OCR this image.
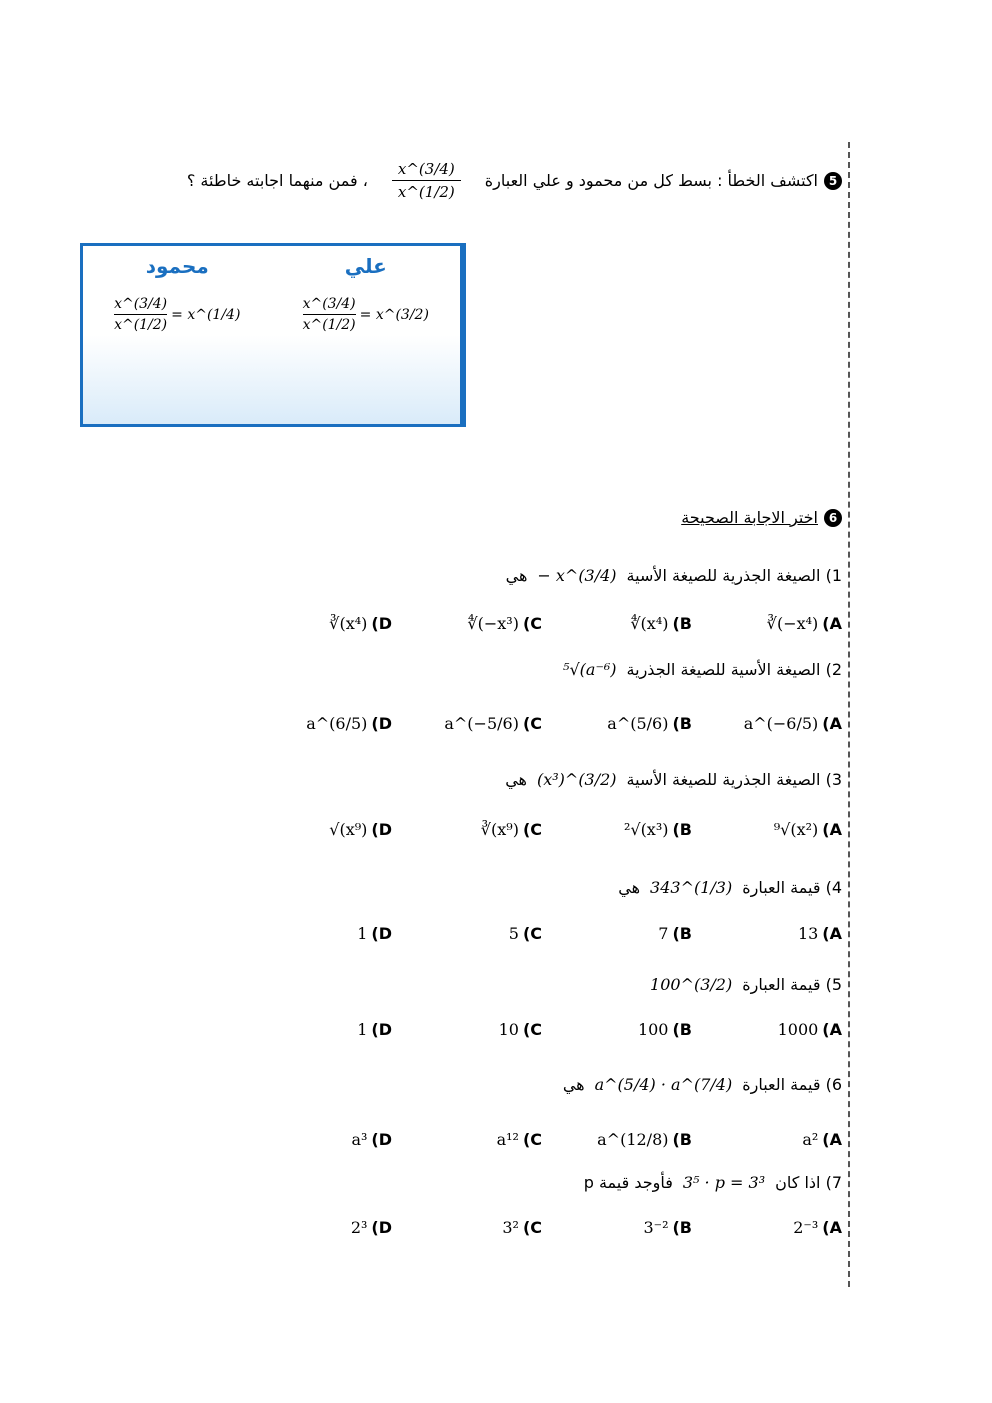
5
اكتشف الخطأ : بسط كل من محمود و علي العبارة
$\frac{x\^{}(3/4)}{x\^{}(1/2)}$
، فمن منهما اجابته خاطئة ؟
محمود
$\frac{x\^{}(3/4)}{x\^{}(1/2)}$ = x^(1/4)
علي
$\frac{x\^{}(3/4)}{x\^{}(1/2)}$ = x^(3/2)
6
اختر الاجابة الصحيحة
1) الصيغة الجذرية للصيغة الأسية
− x^(3/4)
هي
A)
∛(−x⁴)
B)
∜(x⁴)
C)
∜(−x³)
D)
∛(x⁴)
2) الصيغة الأسية للصيغة الجذرية
⁵√(a⁻⁶)
A)
a^(−6/5)
B)
a^(5/6)
C)
a^(−5/6)
D)
a^(6/5)
3) الصيغة الجذرية للصيغة الأسية
(x³)^(3/2)
هي
A)
⁹√(x²)
B)
²√(x³)
C)
∛(x⁹)
D)
√(x⁹)
4) قيمة العبارة
343^(1/3)
هي
A)
13
B)
7
C)
5
D)
1
5) قيمة العبارة
100^(3/2)
A)
1000
B)
100
C)
10
D)
1
6) قيمة العبارة
a^(5/4) · a^(7/4)
هي
A)
a²
B)
a^(12/8)
C)
a¹²
D)
a³
7) اذا كان
3⁵ · p = 3³
فأوجد قيمة p
A)
2⁻³
B)
3⁻²
C)
3²
D)
2³
